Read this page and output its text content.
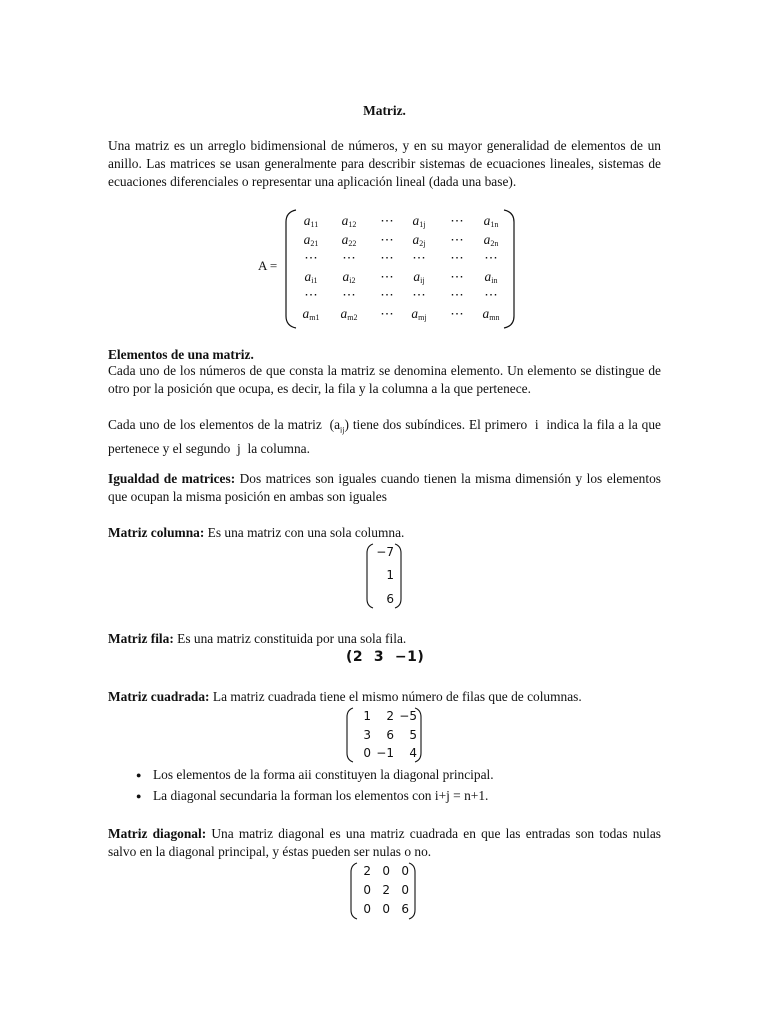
Matriz.

Una matriz es un arreglo bidimensional de números, y en su mayor generalidad de elementos de un anillo. Las matrices se usan generalmente para describir sistemas de ecuaciones lineales, sistemas de ecuaciones diferenciales o representar una aplicación lineal (dada una base).

A =
$a_{11}$	$a_{12}$	⋯	$a_{1j}$	⋯	$a_{1n}$
$a_{21}$	$a_{22}$	⋯	$a_{2j}$	⋯	$a_{2n}$
⋯	⋯	⋯	⋯	⋯	⋯
$a_{i1}$	$a_{i2}$	⋯	$a_{ij}$	⋯	$a_{in}$
⋯	⋯	⋯	⋯	⋯	⋯
$a_{m1}$	$a_{m2}$	⋯	$a_{mj}$	⋯	$a_{mn}$
Elementos de una matriz.

Cada uno de los números de que consta la matriz se denomina elemento. Un elemento se distingue de otro por la posición que ocupa, es decir, la fila y la columna a la que pertenece.

Cada uno de los elementos de la matriz  $(a_{ij})$ tiene dos subíndices. El primero i indica la fila a la que pertenece y el segundo j la columna.

Igualdad de matrices: Dos matrices son iguales cuando tienen la misma dimensión y los elementos que ocupan la misma posición en ambas son iguales

Matriz columna: Es una matriz con una sola columna.

−7
1
6

Matriz fila: Es una matriz constituida por una sola fila.

(2 3 −1)

Matriz cuadrada: La matriz cuadrada tiene el mismo número de filas que de columnas.

1	2 −5
3	6	5
0 −1	4
● Los elementos de la forma aii constituyen la diagonal principal.
● La diagonal secundaria la forman los elementos con i+j = n+1.

Matriz diagonal: Una matriz diagonal es una matriz cuadrada en que las entradas son todas nulas salvo en la diagonal principal, y éstas pueden ser nulas o no.

2 0 0
0 2 0
0 0 6
